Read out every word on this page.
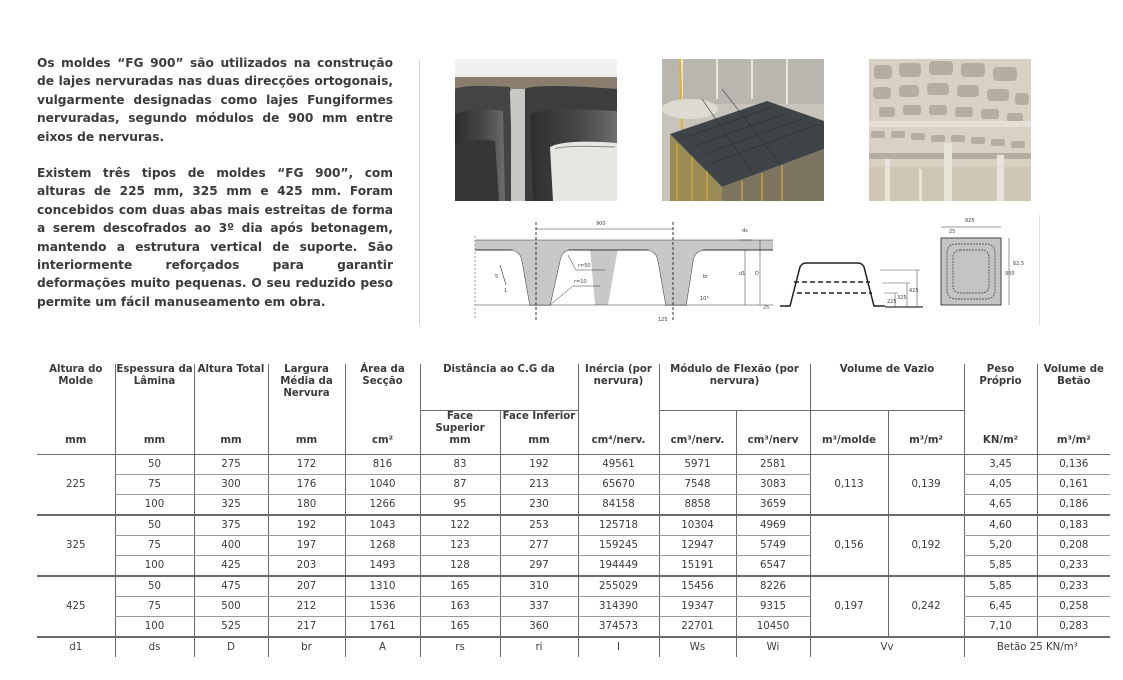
Os moldes “FG 900” são utilizados na construção de lajes nervuradas nas duas direcções ortogonais, vulgarmente designadas como lajes Fungiformes nervuradas, segundo módulos de 900 mm entre eixos de nervuras.

Existem três tipos de moldes “FG 900”, com alturas de 225 mm, 325 mm e 425 mm. Foram concebidos com duas abas mais estreitas de forma a serem descofrados ao 3º dia após betonagem, mantendo a estrutura vertical de suporte. São interiormente reforçados para garantir deformações muito pequenas. O seu reduzido peso permite um fácil manuseamento em obra.

900
r=50
r=10
5
1
br
10°
125
d1 D
ds
25
225
325
425
825
25
900
62.5
Altura do Molde	Espessura da Lâmina	Altura Total	Largura Média da Nervura	Área da Secção	Distância ao C.G da		Inércia (por nervura)	Módulo de Flexão (por nervura)		Volume de Vazio		Peso Próprio	Volume de Betão
					Face Superior	Face Inferior							
mm	mm	mm	mm	cm²	mm	mm	cm⁴/nerv.	cm³/nerv.	cm³/nerv	m³/molde	m³/m²	KN/m²	m³/m²
225	50	275	172	816	83	192	49561	5971	2581	0,113	0,139	3,45	0,136
	75	300	176	1040	87	213	65670	7548	3083			4,05	0,161
	100	325	180	1266	95	230	84158	8858	3659			4,65	0,186
325	50	375	192	1043	122	253	125718	10304	4969	0,156	0,192	4,60	0,183
	75	400	197	1268	123	277	159245	12947	5749			5,20	0,208
	100	425	203	1493	128	297	194449	15191	6547			5,85	0,233
425	50	475	207	1310	165	310	255029	15456	8226	0,197	0,242	5,85	0,233
	75	500	212	1536	163	337	314390	19347	9315			6,45	0,258
	100	525	217	1761	165	360	374573	22701	10450			7,10	0,283
d1	ds	D	br	A	rs	ri	I	Ws	Wi	Vv		Betão 25 KN/m³	
